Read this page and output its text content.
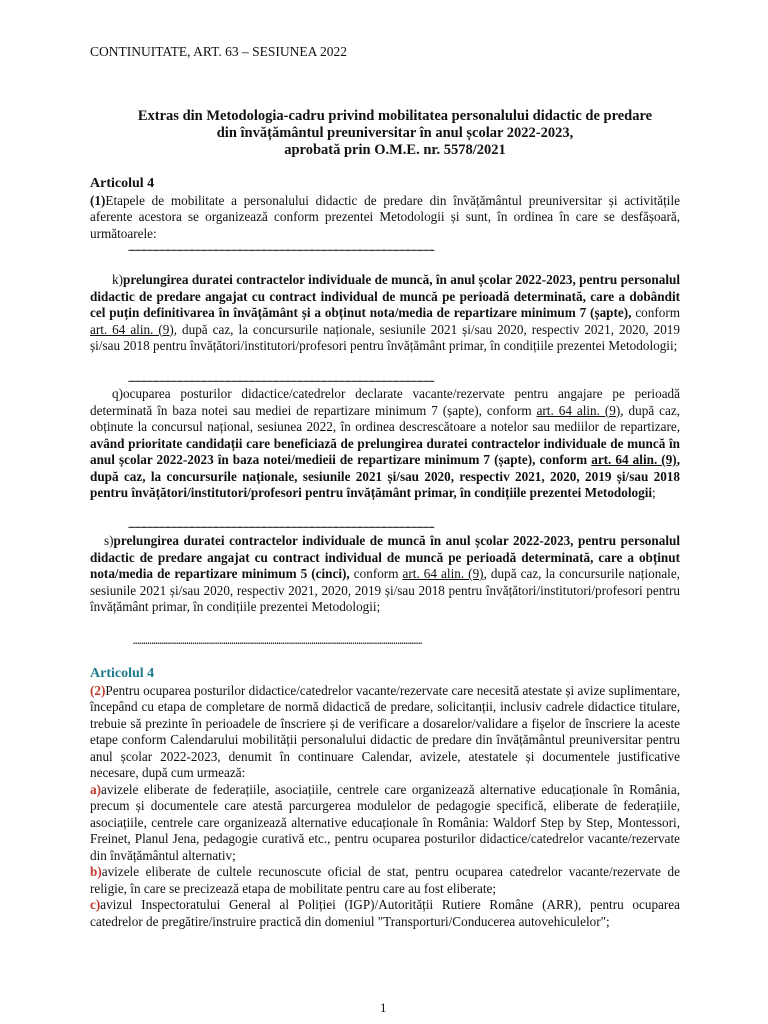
CONTINUITATE, ART. 63 – SESIUNEA 2022
Extras din Metodologia-cadru privind mobilitatea personalului didactic de predare
din învățământul preuniversitar în anul școlar 2022-2023,
aprobată prin O.M.E. nr. 5578/2021
Articolul 4
(1)Etapele de mobilitate a personalului didactic de predare din învățământul preuniversitar și activitățile aferente acestora se organizează conform prezentei Metodologii și sunt, în ordinea în care se desfășoară, următoarele:
...............................................................................................................................................................................................................................................................
k)prelungirea duratei contractelor individuale de muncă, în anul școlar 2022-2023, pentru personalul didactic de predare angajat cu contract individual de muncă pe perioadă determinată, care a dobândit cel puțin definitivarea în învățământ și a obținut nota/media de repartizare minimum 7 (șapte), conform art. 64 alin. (9), după caz, la concursurile naționale, sesiunile 2021 și/sau 2020, respectiv 2021, 2020, 2019 și/sau 2018 pentru învățători/institutori/profesori pentru învățământ primar, în condițiile prezentei Metodologii;
...............................................................................................................................................................................................................................................................
q)ocuparea posturilor didactice/catedrelor declarate vacante/rezervate pentru angajare pe perioadă determinată în baza notei sau mediei de repartizare minimum 7 (șapte), conform art. 64 alin. (9), după caz, obținute la concursul național, sesiunea 2022, în ordinea descrescătoare a notelor sau mediilor de repartizare, având prioritate candidații care beneficiază de prelungirea duratei contractelor individuale de muncă în anul școlar 2022-2023 în baza notei/medieii de repartizare minimum 7 (șapte), conform art. 64 alin. (9), după caz, la concursurile naționale, sesiunile 2021 și/sau 2020, respectiv 2021, 2020, 2019 și/sau 2018 pentru învățători/institutori/profesori pentru învățământ primar, în condițiile prezentei Metodologii;
...............................................................................................................................................................................................................................................................
s)prelungirea duratei contractelor individuale de muncă în anul școlar 2022-2023, pentru personalul didactic de predare angajat cu contract individual de muncă pe perioadă determinată, care a obținut nota/media de repartizare minimum 5 (cinci), conform art. 64 alin. (9), după caz, la concursurile naționale, sesiunile 2021 și/sau 2020, respectiv 2021, 2020, 2019 și/sau 2018 pentru învățători/institutori/profesori pentru învățământ primar, în condițiile prezentei Metodologii;
.............................................................................................................................................
Articolul 4
(2)Pentru ocuparea posturilor didactice/catedrelor vacante/rezervate care necesită atestate și avize suplimentare, începând cu etapa de completare de normă didactică de predare, solicitanții, inclusiv cadrele didactice titulare, trebuie să prezinte în perioadele de înscriere și de verificare a dosarelor/validare a fișelor de înscriere la aceste etape conform Calendarului mobilității personalului didactic de predare din învățământul preuniversitar pentru anul școlar 2022-2023, denumit în continuare Calendar, avizele, atestatele și documentele justificative necesare, după cum urmează:
a)avizele eliberate de federațiile, asociațiile, centrele care organizează alternative educaționale în România, precum și documentele care atestă parcurgerea modulelor de pedagogie specifică, eliberate de federațiile, asociațiile, centrele care organizează alternative educaționale în România: Waldorf Step by Step, Montessori, Freinet, Planul Jena, pedagogie curativă etc., pentru ocuparea posturilor didactice/catedrelor vacante/rezervate din învățământul alternativ;
b)avizele eliberate de cultele recunoscute oficial de stat, pentru ocuparea catedrelor vacante/rezervate de religie, în care se precizează etapa de mobilitate pentru care au fost eliberate;
c)avizul Inspectoratului General al Poliției (IGP)/Autorității Rutiere Române (ARR), pentru ocuparea catedrelor de pregătire/instruire practică din domeniul "Transporturi/Conducerea autovehiculelor";
1
